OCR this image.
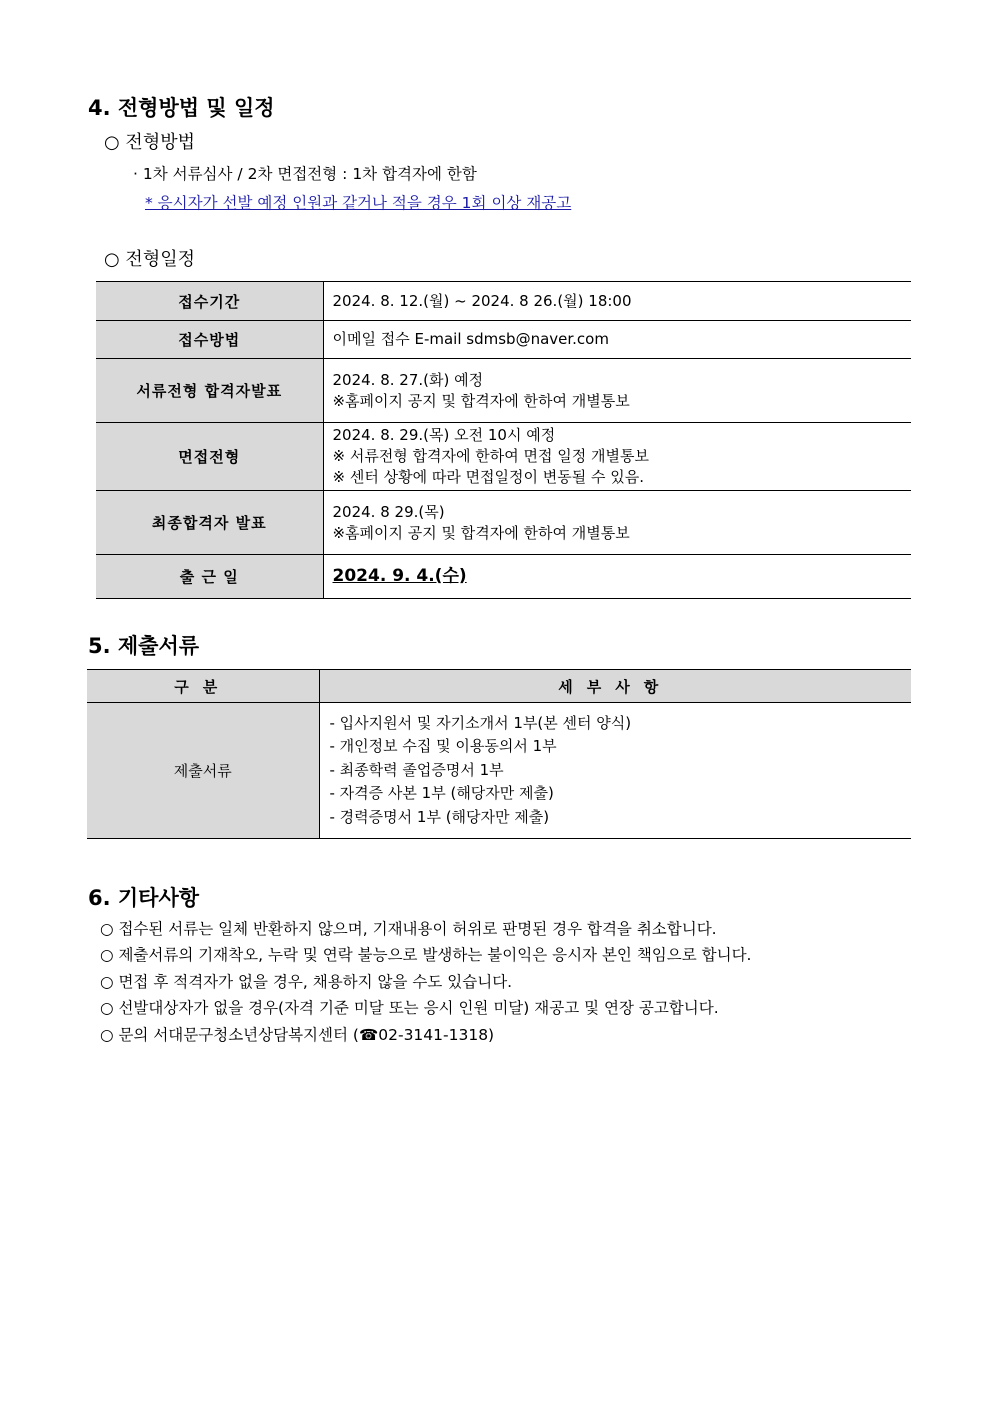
4. 전형방법 및 일정
○ 전형방법
· 1차 서류심사 / 2차 면접전형 : 1차 합격자에 한함
* 응시자가 선발 예정 인원과 같거나 적을 경우 1회 이상 재공고
○ 전형일정
접수기간	2024. 8. 12.(월) ~ 2024. 8 26.(월) 18:00

접수방법	이메일 접수 E-mail sdmsb@naver.com

서류전형 합격자발표	2024. 8. 27.(화) 예정
※홈페이지 공지 및 합격자에 한하여 개별통보

면접전형	2024. 8. 29.(목) 오전 10시 예정
※ 서류전형 합격자에 한하여 면접 일정 개별통보
※ 센터 상황에 따라 면접일정이 변동될 수 있음.

최종합격자 발표	2024. 8 29.(목)
※홈페이지 공지 및 합격자에 한하여 개별통보

출 근 일	2024. 9. 4.(수)
5. 제출서류
구분	세부사항
제출서류	- 입사지원서 및 자기소개서 1부(본 센터 양식)
- 개인정보 수집 및 이용동의서 1부
- 최종학력 졸업증명서 1부
- 자격증 사본 1부 (해당자만 제출)
- 경력증명서 1부 (해당자만 제출)
6. 기타사항
○ 접수된 서류는 일체 반환하지 않으며, 기재내용이 허위로 판명된 경우 합격을 취소합니다.
○ 제출서류의 기재착오, 누락 및 연락 불능으로 발생하는 불이익은 응시자 본인 책임으로 합니다.
○ 면접 후 적격자가 없을 경우, 채용하지 않을 수도 있습니다.
○ 선발대상자가 없을 경우(자격 기준 미달 또는 응시 인원 미달) 재공고 및 연장 공고합니다.
○ 문의 서대문구청소년상담복지센터 (☎02-3141-1318)
